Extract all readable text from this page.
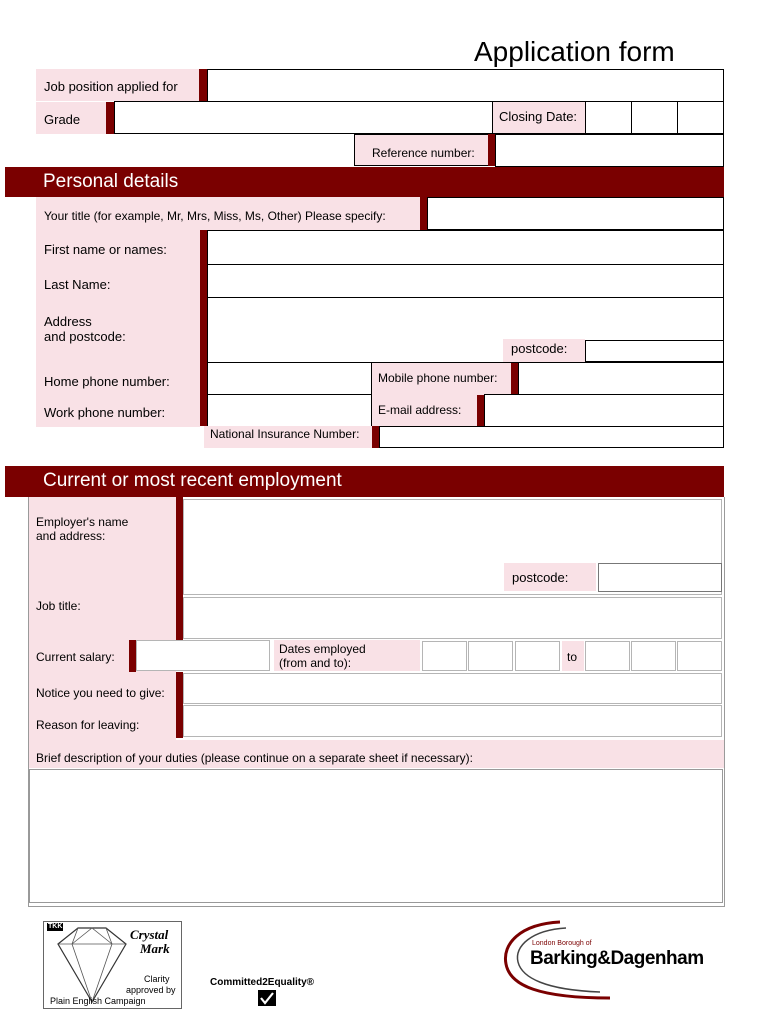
Application form
Job position applied for
Grade	Closing Date:
Reference number:
Personal details
Your title (for example, Mr, Mrs, Miss, Ms, Other) Please specify:
First name or names:
Last Name:
Address
and postcode:
postcode:
Home phone number:	Mobile phone number:
Work phone number:	E-mail address:
National Insurance Number:
Current or most recent employment
Employer's name
and address:
postcode:
Job title:
Current salary:
Dates employed
(from and to):	to
Notice you need to give:
Reason for leaving:
Brief description of your duties (please continue on a separate sheet if necessary):
TKK
Crystal
Mark
Clarity
approved by
Plain English Campaign
Committed2Equality®
London Borough of
Barking&Dagenham
